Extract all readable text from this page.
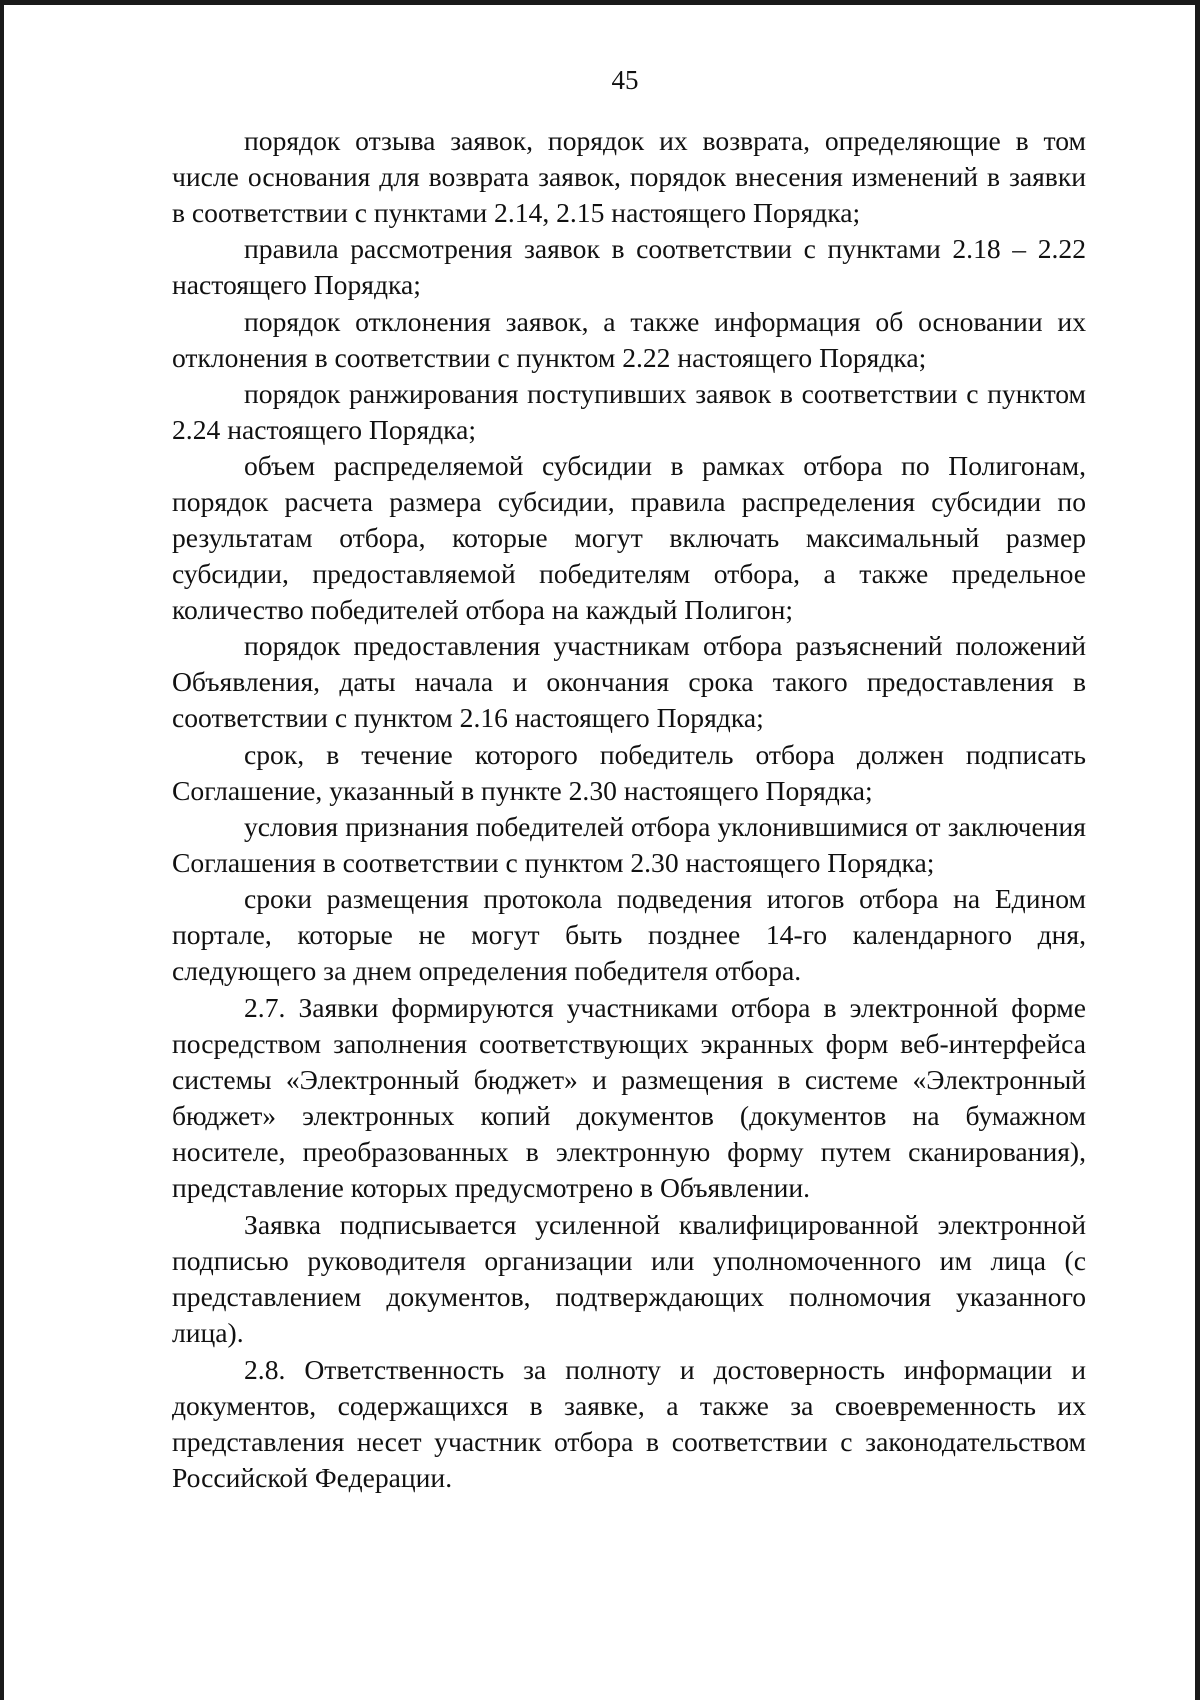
45

порядок отзыва заявок, порядок их возврата, определяющие в том числе основания для возврата заявок, порядок внесения изменений в заявки в соответствии с пунктами 2.14, 2.15 настоящего Порядка;

правила рассмотрения заявок в соответствии с пунктами 2.18 – 2.22 настоящего Порядка;

порядок отклонения заявок, а также информация об основании их отклонения в соответствии с пунктом 2.22 настоящего Порядка;

порядок ранжирования поступивших заявок в соответствии с пунктом 2.24 настоящего Порядка;

объем распределяемой субсидии в рамках отбора по Полигонам, порядок расчета размера субсидии, правила распределения субсидии по результатам отбора, которые могут включать максимальный размер субсидии, предоставляемой победителям отбора, а также предельное количество победителей отбора на каждый Полигон;

порядок предоставления участникам отбора разъяснений положений Объявления, даты начала и окончания срока такого предоставления в соответствии с пунктом 2.16 настоящего Порядка;

срок, в течение которого победитель отбора должен подписать Соглашение, указанный в пункте 2.30 настоящего Порядка;

условия признания победителей отбора уклонившимися от заключения Соглашения в соответствии с пунктом 2.30 настоящего Порядка;

сроки размещения протокола подведения итогов отбора на Едином портале, которые не могут быть позднее 14-го календарного дня, следующего за днем определения победителя отбора.

2.7. Заявки формируются участниками отбора в электронной форме посредством заполнения соответствующих экранных форм веб-интерфейса системы «Электронный бюджет» и размещения в системе «Электронный бюджет» электронных копий документов (документов на бумажном носителе, преобразованных в электронную форму путем сканирования), представление которых предусмотрено в Объявлении.

Заявка подписывается усиленной квалифицированной электронной подписью руководителя организации или уполномоченного им лица (с представлением документов, подтверждающих полномочия указанного лица).

2.8. Ответственность за полноту и достоверность информации и документов, содержащихся в заявке, а также за своевременность их представления несет участник отбора в соответствии с законодательством Российской Федерации.
